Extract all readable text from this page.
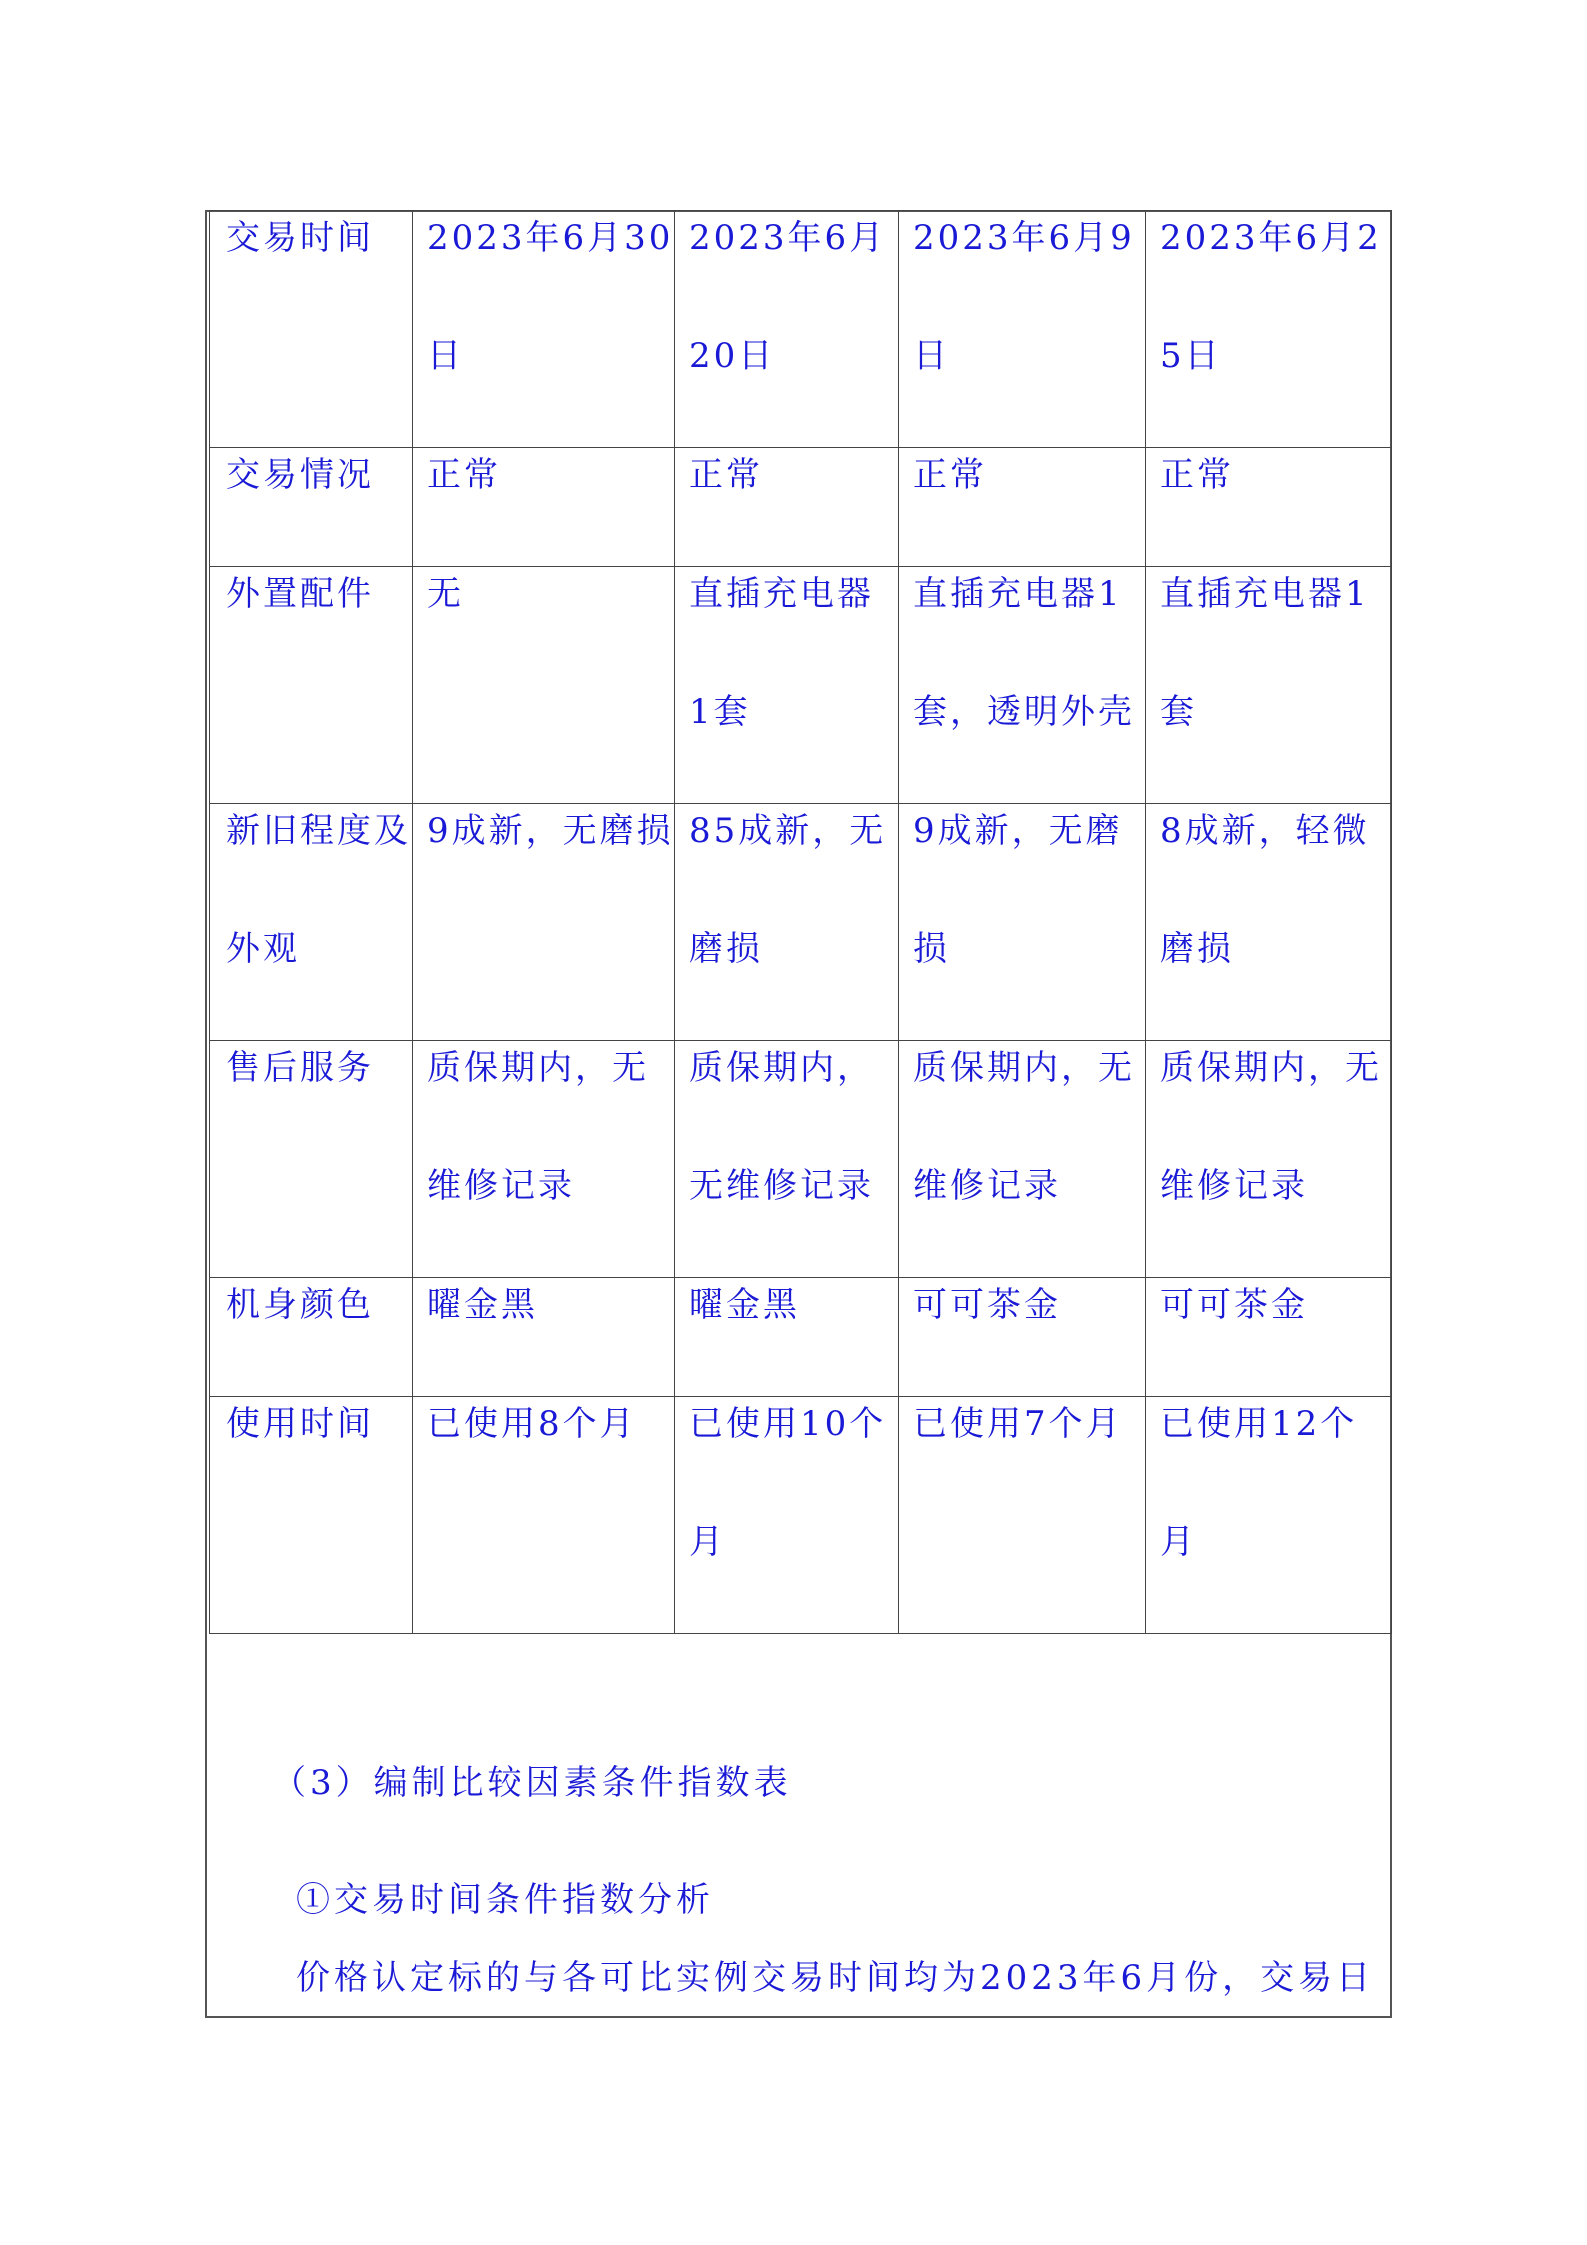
交易时间	2023年6月30日	2023年6月20日	2023年6月9日	2023年6月25日

交易情况	正常	正常	正常	正常

外置配件	无	直插充电器1套	直插充电器1套，透明外壳	直插充电器1套

新旧程度及外观	9成新，无磨损	85成新，无磨损	9成新，无磨损	8成新，轻微磨损

售后服务	质保期内，无维修记录	质保期内，无维修记录	质保期内，无维修记录	质保期内，无维修记录

机身颜色	曜金黑	曜金黑	可可茶金	可可茶金

使用时间	已使用8个月	已使用10个月	已使用7个月	已使用12个月
（3）编制比较因素条件指数表
①交易时间条件指数分析
价格认定标的与各可比实例交易时间均为2023年6月份，交易日
